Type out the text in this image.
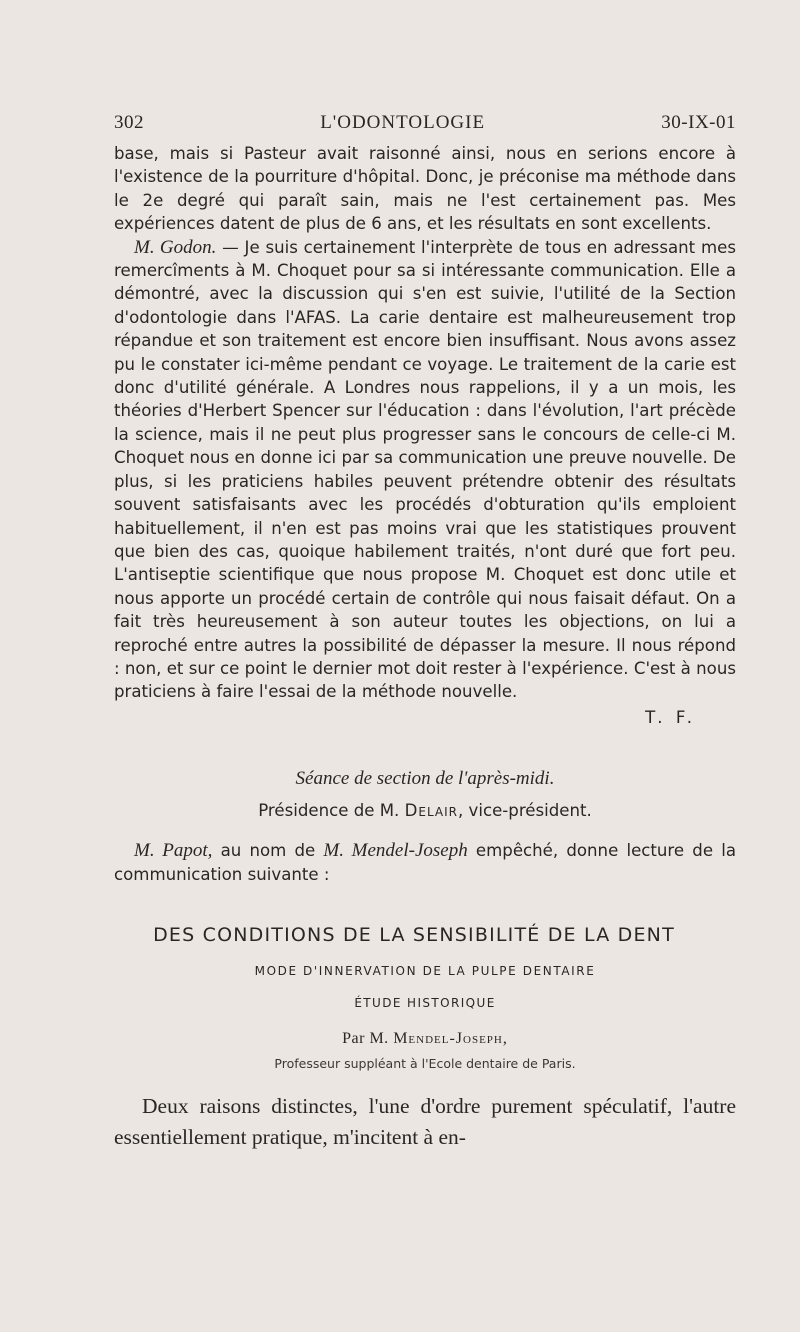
302	L'ODONTOLOGIE	30-IX-01

base, mais si Pasteur avait raisonné ainsi, nous en serions encore à l'existence de la pourriture d'hôpital. Donc, je préconise ma méthode dans le 2e degré qui paraît sain, mais ne l'est certainement pas. Mes expériences datent de plus de 6 ans, et les résultats en sont excellents.

M. Godon. — Je suis certainement l'interprète de tous en adressant mes remercîments à M. Choquet pour sa si intéressante communication. Elle a démontré, avec la discussion qui s'en est suivie, l'utilité de la Section d'odontologie dans l'AFAS. La carie dentaire est malheureusement trop répandue et son traitement est encore bien insuffisant. Nous avons assez pu le constater ici-même pendant ce voyage. Le traitement de la carie est donc d'utilité générale. A Londres nous rappelions, il y a un mois, les théories d'Herbert Spencer sur l'éducation : dans l'évolution, l'art précède la science, mais il ne peut plus progresser sans le concours de celle-ci M. Choquet nous en donne ici par sa communication une preuve nouvelle. De plus, si les praticiens habiles peuvent prétendre obtenir des résultats souvent satisfaisants avec les procédés d'obturation qu'ils emploient habituellement, il n'en est pas moins vrai que les statistiques prouvent que bien des cas, quoique habilement traités, n'ont duré que fort peu. L'antiseptie scientifique que nous propose M. Choquet est donc utile et nous apporte un procédé certain de contrôle qui nous faisait défaut. On a fait très heureusement à son auteur toutes les objections, on lui a reproché entre autres la possibilité de dépasser la mesure. Il nous répond : non, et sur ce point le dernier mot doit rester à l'expérience. C'est à nous praticiens à faire l'essai de la méthode nouvelle.

T. F.

Séance de section de l'après-midi.
Présidence de M. Delair, vice-président.

M. Papot, au nom de M. Mendel-Joseph empêché, donne lecture de la communication suivante :

DES CONDITIONS DE LA SENSIBILITÉ DE LA DENT
MODE D'INNERVATION DE LA PULPE DENTAIRE
ÉTUDE HISTORIQUE
Par M. Mendel-Joseph,
Professeur suppléant à l'Ecole dentaire de Paris.

Deux raisons distinctes, l'une d'ordre purement spéculatif, l'autre essentiellement pratique, m'incitent à en-
